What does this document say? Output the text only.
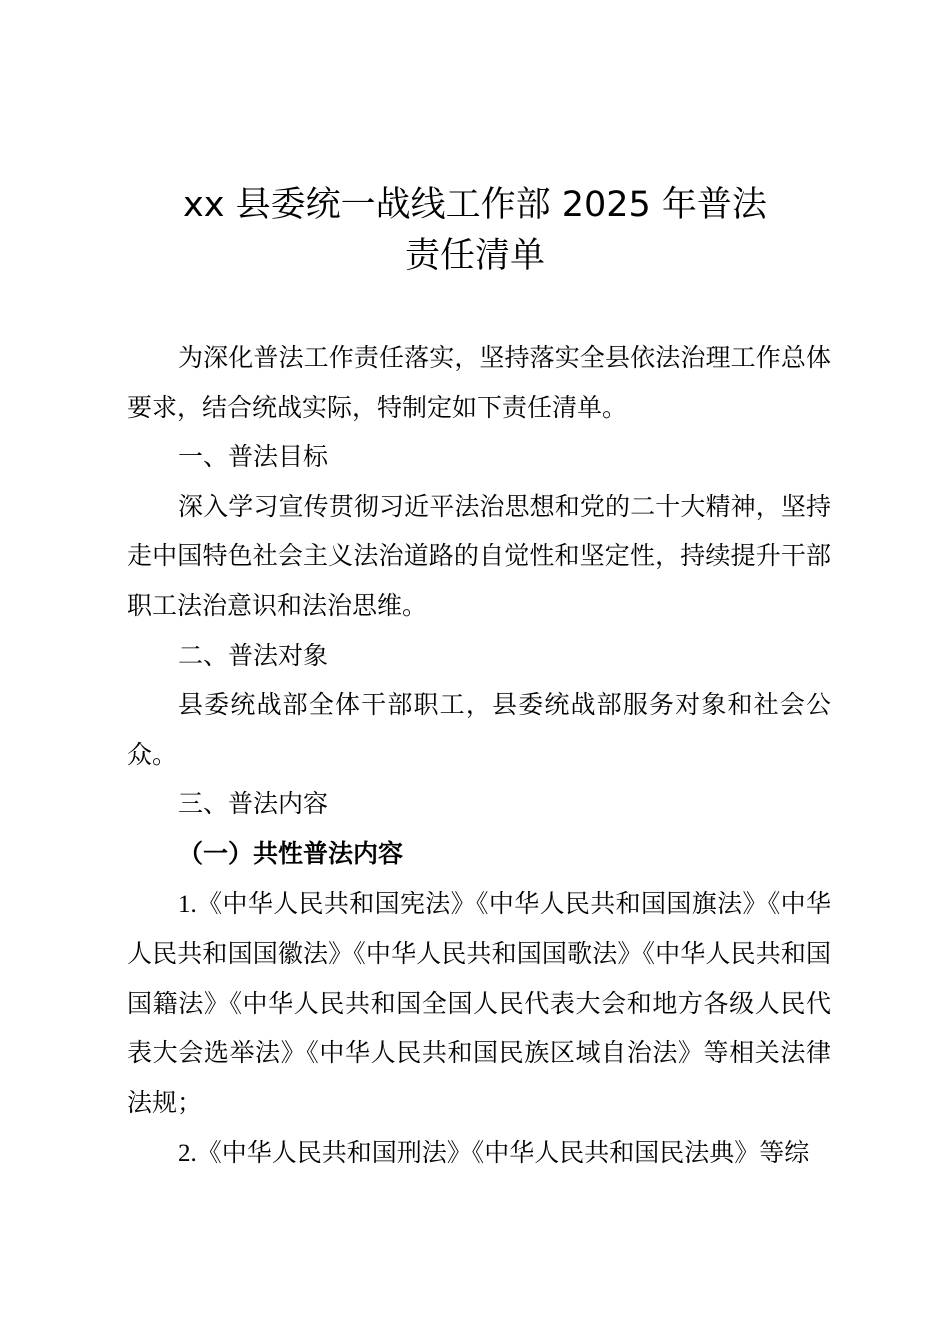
xx 县委统一战线工作部 2025 年普法
责任清单

为深化普法工作责任落实，坚持落实全县依法治理工作总体要求，结合统战实际，特制定如下责任清单。

一、普法目标

深入学习宣传贯彻习近平法治思想和党的二十大精神，坚持走中国特色社会主义法治道路的自觉性和坚定性，持续提升干部职工法治意识和法治思维。

二、普法对象

县委统战部全体干部职工，县委统战部服务对象和社会公众。

三、普法内容

（一）共性普法内容

1.《中华人民共和国宪法》《中华人民共和国国旗法》《中华人民共和国国徽法》《中华人民共和国国歌法》《中华人民共和国国籍法》《中华人民共和国全国人民代表大会和地方各级人民代表大会选举法》《中华人民共和国民族区域自治法》等相关法律法规；

2.《中华人民共和国刑法》《中华人民共和国民法典》等综
